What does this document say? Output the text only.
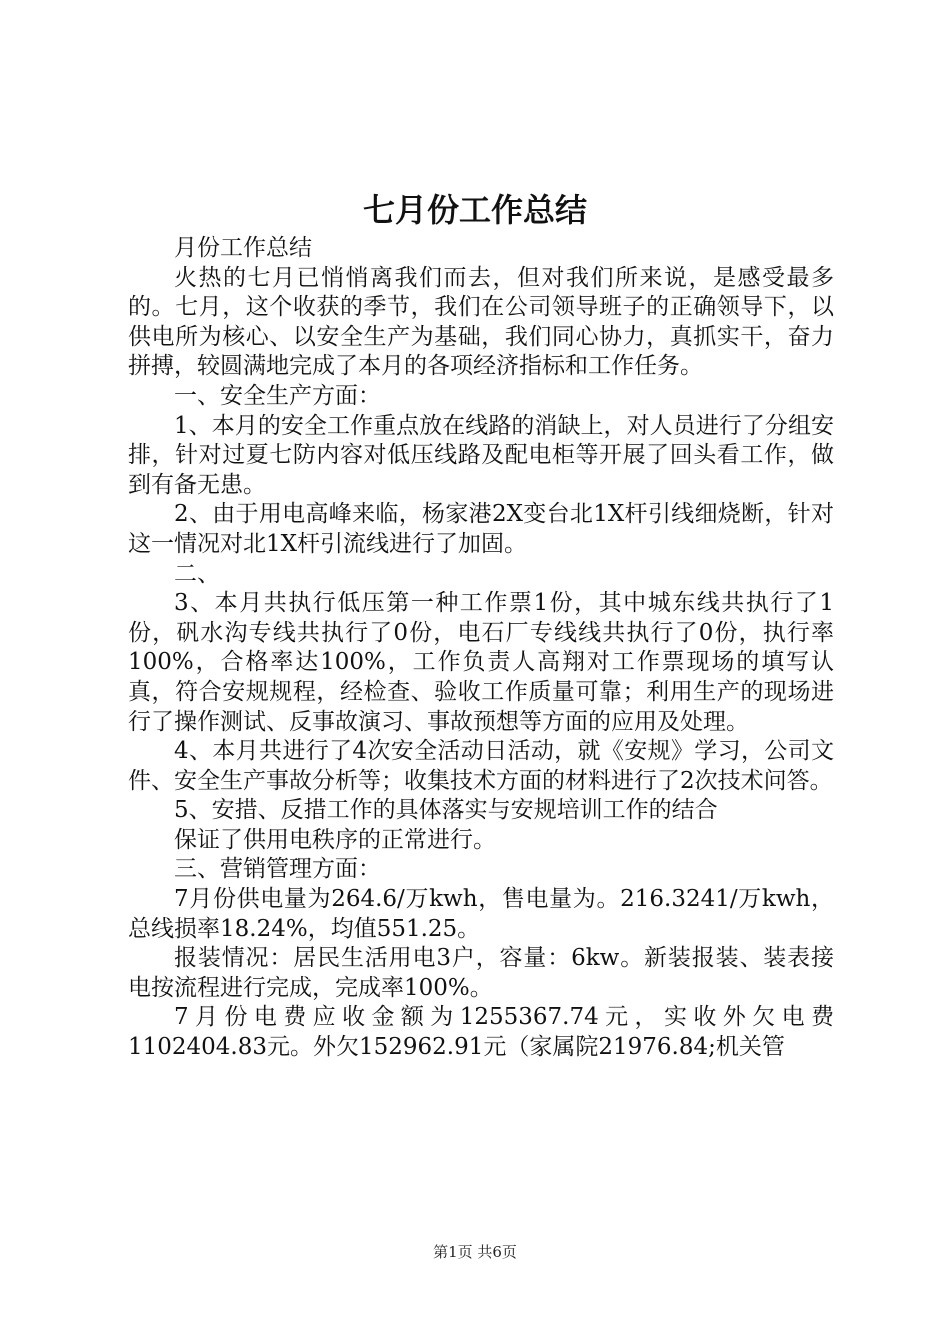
七月份工作总结

月份工作总结

火热的七月已悄悄离我们而去，但对我们所来说，是感受最多的。七月，这个收获的季节，我们在公司领导班子的正确领导下，以供电所为核心、以安全生产为基础，我们同心协力，真抓实干，奋力拼搏，较圆满地完成了本月的各项经济指标和工作任务。

一、安全生产方面：

1、本月的安全工作重点放在线路的消缺上，对人员进行了分组安排，针对过夏七防内容对低压线路及配电柜等开展了回头看工作，做到有备无患。

2、由于用电高峰来临，杨家港2X变台北1X杆引线细烧断，针对这一情况对北1X杆引流线进行了加固。

二、

3、本月共执行低压第一种工作票1份，其中城东线共执行了1份，矾水沟专线共执行了0份，电石厂专线线共执行了0份，执行率100%，合格率达100%，工作负责人高翔对工作票现场的填写认真，符合安规规程，经检查、验收工作质量可靠；利用生产的现场进行了操作测试、反事故演习、事故预想等方面的应用及处理。

4、本月共进行了4次安全活动日活动，就《安规》学习，公司文件、安全生产事故分析等；收集技术方面的材料进行了2次技术问答。

5、安措、反措工作的具体落实与安规培训工作的结合

保证了供用电秩序的正常进行。

三、营销管理方面：

7月份供电量为264.6/万kwh，售电量为。216.3241/万kwh，总线损率18.24%，均值551.25。

报装情况：居民生活用电3户，容量：6kw。新装报装、装表接电按流程进行完成，完成率100%。

7月份电费应收金额为1255367.74元，实收外欠电费1102404.83元。外欠152962.91元（家属院21976.84;机关管

第1页 共6页
